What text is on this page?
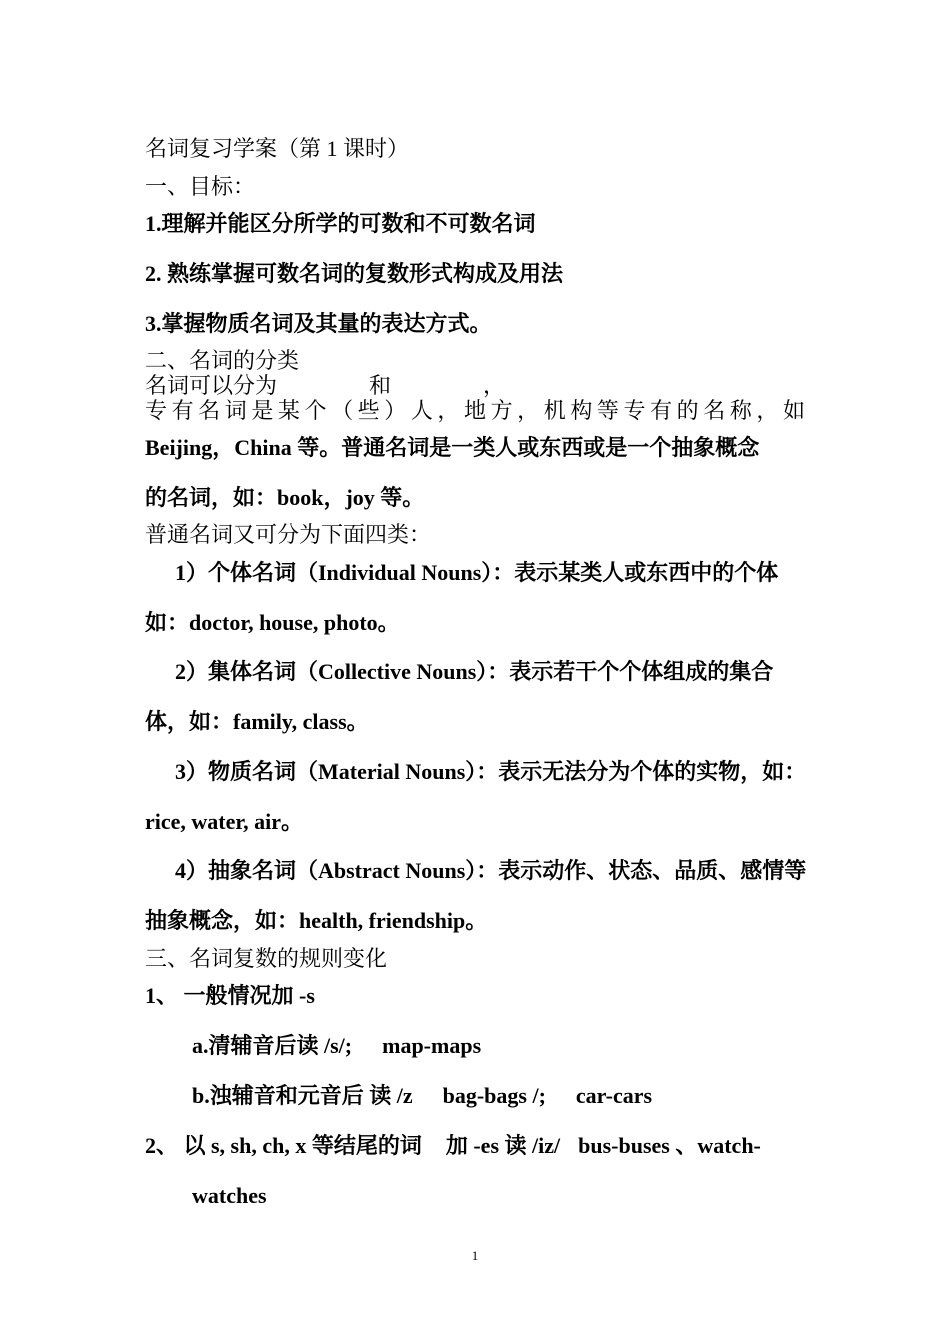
名词复习学案（第 1 课时）
一、目标：
1.理解并能区分所学的可数和不可数名词
2. 熟练掌握可数名词的复数形式构成及用法
3.掌握物质名词及其量的表达方式。
二、名词的分类
名词可以分为	和	，
专有名词是某个（些）人，地方，机构等专有的名称，如
Beijing，China 等。普通名词是一类人或东西或是一个抽象概念
的名词，如：book，joy 等。
普通名词又可分为下面四类：
1）个体名词（Individual Nouns）：表示某类人或东西中的个体
如：doctor, house, photo。
2）集体名词（Collective Nouns）：表示若干个个体组成的集合
体，如：family, class。
3）物质名词（Material Nouns）：表示无法分为个体的实物，如：
rice, water, air。
4）抽象名词（Abstract Nouns）：表示动作、状态、品质、感情等
抽象概念，如：health, friendship。
三、名词复数的规则变化
1、 一般情况加 -s
a.清辅音后读 /s/; map-maps
b.浊辅音和元音后 读 /z bag-bags /; car-cars
2、 以 s, sh, ch, x 等结尾的词 加 -es 读 /iz/ bus-buses 、watch-
watches
1
